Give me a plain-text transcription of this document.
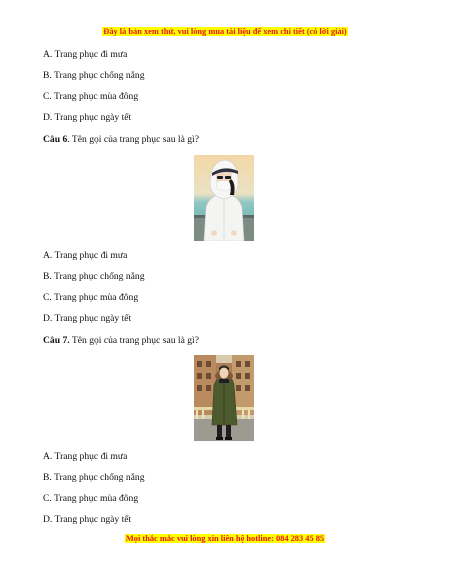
Đây là bản xem thử, vui lòng mua tài liệu để xem chi tiết (có lời giải)
A. Trang phục đi mưa
B. Trang phục chống nắng
C. Trang phục mùa đông
D. Trang phục ngày tết
Câu 6. Tên gọi của trang phục sau là gì?
A. Trang phục đi mưa
B. Trang phục chống nắng
C. Trang phục mùa đông
D. Trang phục ngày tết
Câu 7. Tên gọi của trang phục sau là gì?
A. Trang phục đi mưa
B. Trang phục chống nắng
C. Trang phục mùa đông
D. Trang phục ngày tết
Mọi thắc mắc vui lòng xin liên hệ hotline: 084 283 45 85
